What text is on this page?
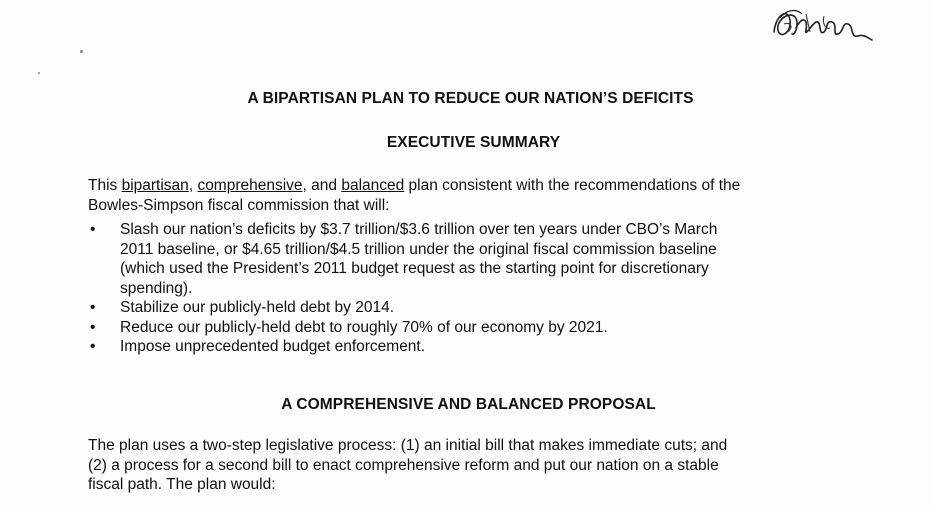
A BIPARTISAN PLAN TO REDUCE OUR NATION’S DEFICITS
EXECUTIVE SUMMARY
This bipartisan, comprehensive, and balanced plan consistent with the recommendations of the
Bowles-Simpson fiscal commission that will:
• Slash our nation’s deficits by $3.7 trillion/$3.6 trillion over ten years under CBO’s March
2011 baseline, or $4.65 trillion/$4.5 trillion under the original fiscal commission baseline
(which used the President’s 2011 budget request as the starting point for discretionary
spending).
• Stabilize our publicly-held debt by 2014.
• Reduce our publicly-held debt to roughly 70% of our economy by 2021.
• Impose unprecedented budget enforcement.
A COMPREHENSIVE AND BALANCED PROPOSAL
The plan uses a two-step legislative process: (1) an initial bill that makes immediate cuts; and
(2) a process for a second bill to enact comprehensive reform and put our nation on a stable
fiscal path. The plan would:
